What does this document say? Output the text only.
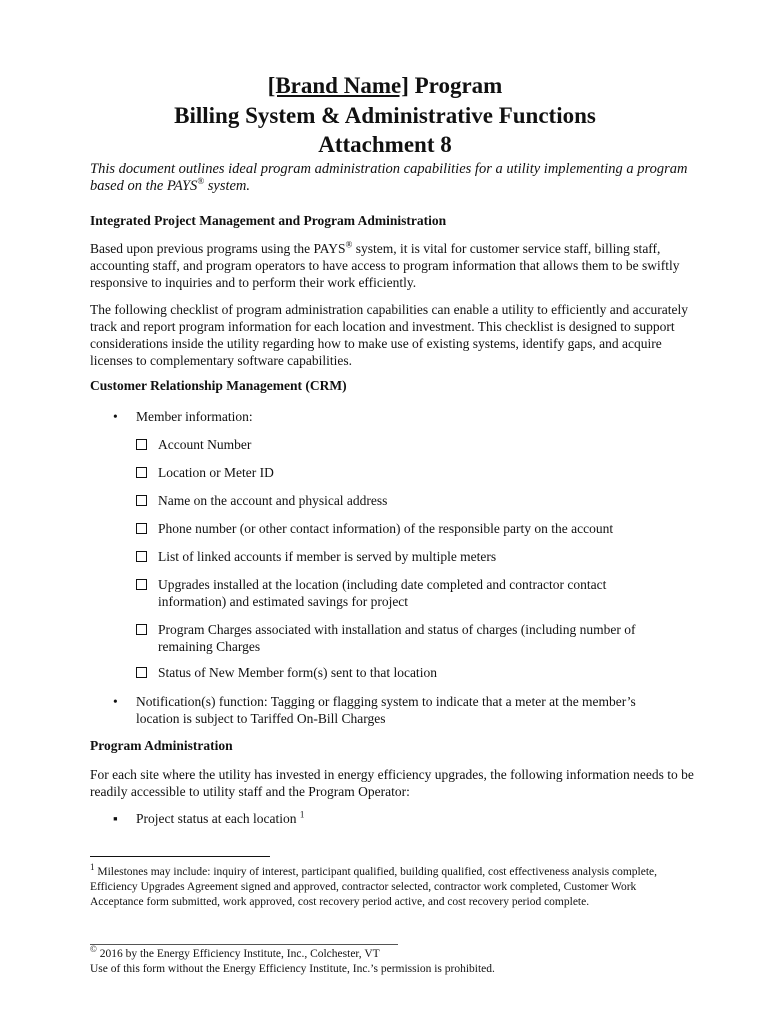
[Brand Name] Program
Billing System & Administrative Functions
Attachment 8
This document outlines ideal program administration capabilities for a utility implementing a program based on the PAYS® system.
Integrated Project Management and Program Administration
Based upon previous programs using the PAYS® system, it is vital for customer service staff, billing staff, accounting staff, and program operators to have access to program information that allows them to be swiftly responsive to inquiries and to perform their work efficiently.
The following checklist of program administration capabilities can enable a utility to efficiently and accurately track and report program information for each location and investment. This checklist is designed to support considerations inside the utility regarding how to make use of existing systems, identify gaps, and acquire licenses to complementary software capabilities.
Customer Relationship Management (CRM)
• Member information:
Account Number
Location or Meter ID
Name on the account and physical address
Phone number (or other contact information) of the responsible party on the account
List of linked accounts if member is served by multiple meters
Upgrades installed at the location (including date completed and contractor contact information) and estimated savings for project
Program Charges associated with installation and status of charges (including number of remaining Charges
Status of New Member form(s) sent to that location
• Notification(s) function: Tagging or flagging system to indicate that a meter at the member’s location is subject to Tariffed On-Bill Charges
Program Administration
For each site where the utility has invested in energy efficiency upgrades, the following information needs to be readily accessible to utility staff and the Program Operator:
▪ Project status at each location $^1$
$^1$ Milestones may include: inquiry of interest, participant qualified, building qualified, cost effectiveness analysis complete, Efficiency Upgrades Agreement signed and approved, contractor selected, contractor work completed, Customer Work Acceptance form submitted, work approved, cost recovery period active, and cost recovery period complete.
© 2016 by the Energy Efficiency Institute, Inc., Colchester, VT
Use of this form without the Energy Efficiency Institute, Inc.’s permission is prohibited.
